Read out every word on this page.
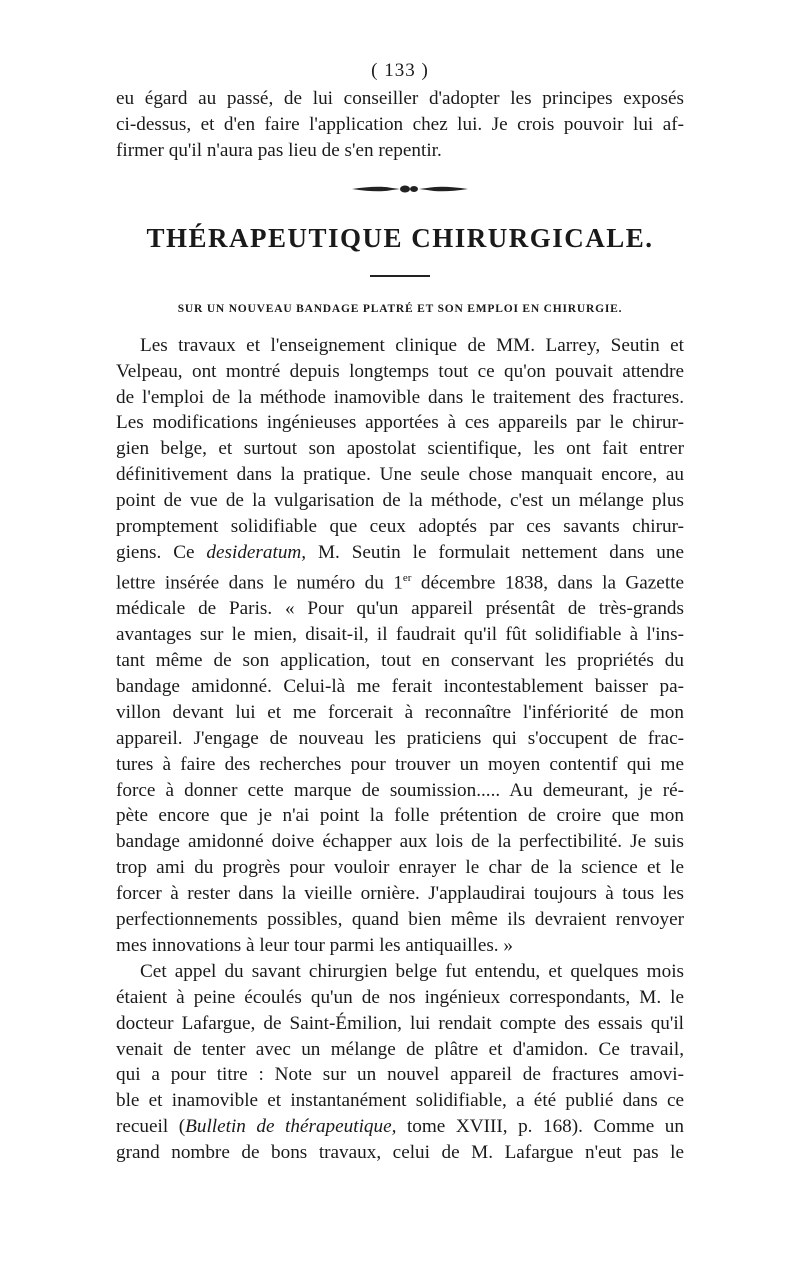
( 133 )
eu égard au passé, de lui conseiller d'adopter les principes exposés
ci-dessus, et d'en faire l'application chez lui. Je crois pouvoir lui af-
firmer qu'il n'aura pas lieu de s'en repentir.
THÉRAPEUTIQUE CHIRURGICALE.
SUR UN NOUVEAU BANDAGE PLATRÉ ET SON EMPLOI EN CHIRURGIE.
Les travaux et l'enseignement clinique de MM. Larrey, Seutin et
Velpeau, ont montré depuis longtemps tout ce qu'on pouvait attendre
de l'emploi de la méthode inamovible dans le traitement des fractures.
Les modifications ingénieuses apportées à ces appareils par le chirur-
gien belge, et surtout son apostolat scientifique, les ont fait entrer
définitivement dans la pratique. Une seule chose manquait encore, au
point de vue de la vulgarisation de la méthode, c'est un mélange plus
promptement solidifiable que ceux adoptés par ces savants chirur-
giens. Ce desideratum, M. Seutin le formulait nettement dans une
lettre insérée dans le numéro du 1er décembre 1838, dans la Gazette
médicale de Paris. « Pour qu'un appareil présentât de très-grands
avantages sur le mien, disait-il, il faudrait qu'il fût solidifiable à l'ins-
tant même de son application, tout en conservant les propriétés du
bandage amidonné. Celui-là me ferait incontestablement baisser pa-
villon devant lui et me forcerait à reconnaître l'infériorité de mon
appareil. J'engage de nouveau les praticiens qui s'occupent de frac-
tures à faire des recherches pour trouver un moyen contentif qui me
force à donner cette marque de soumission..... Au demeurant, je ré-
pète encore que je n'ai point la folle prétention de croire que mon
bandage amidonné doive échapper aux lois de la perfectibilité. Je suis
trop ami du progrès pour vouloir enrayer le char de la science et le
forcer à rester dans la vieille ornière. J'applaudirai toujours à tous les
perfectionnements possibles, quand bien même ils devraient renvoyer
mes innovations à leur tour parmi les antiquailles. »
Cet appel du savant chirurgien belge fut entendu, et quelques mois
étaient à peine écoulés qu'un de nos ingénieux correspondants, M. le
docteur Lafargue, de Saint-Émilion, lui rendait compte des essais qu'il
venait de tenter avec un mélange de plâtre et d'amidon. Ce travail,
qui a pour titre : Note sur un nouvel appareil de fractures amovi-
ble et inamovible et instantanément solidifiable, a été publié dans ce
recueil (Bulletin de thérapeutique, tome XVIII, p. 168). Comme un
grand nombre de bons travaux, celui de M. Lafargue n'eut pas le
